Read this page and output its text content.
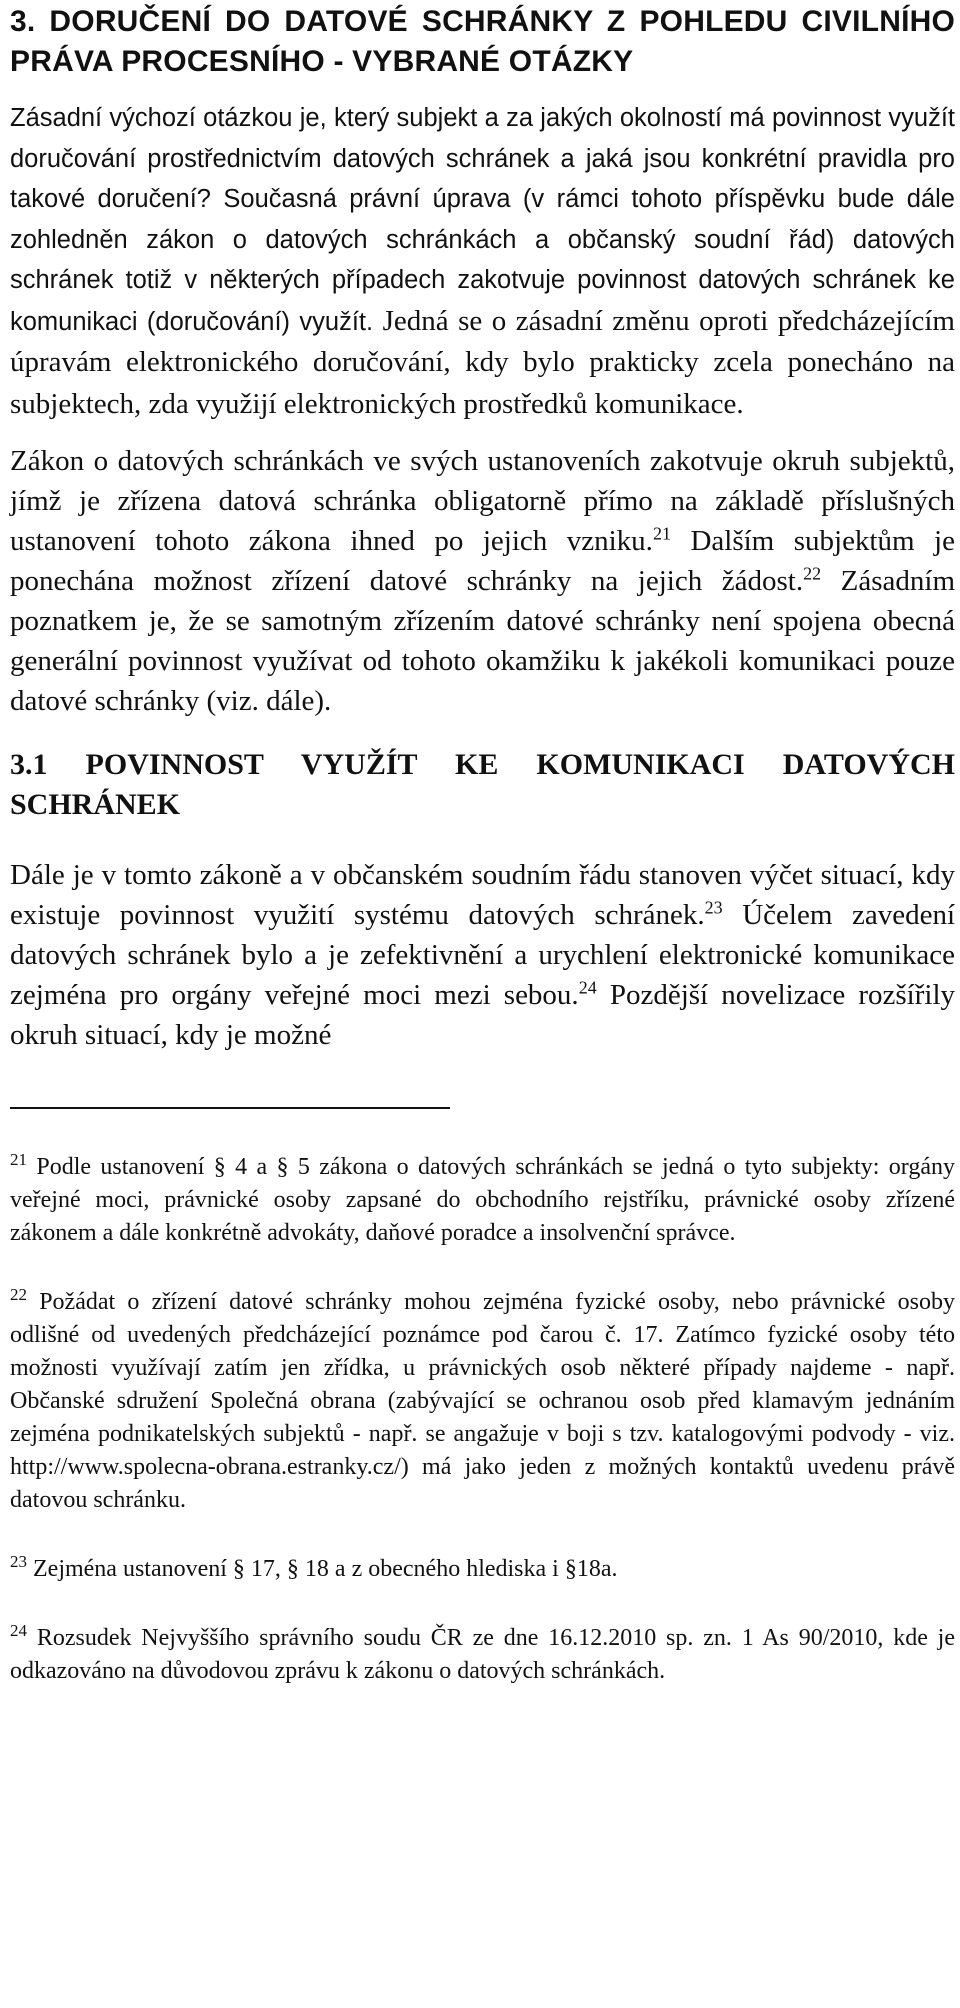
3. DORUČENÍ DO DATOVÉ SCHRÁNKY Z POHLEDU CIVILNÍHO PRÁVA PROCESNÍHO - VYBRANÉ OTÁZKY

Zásadní výchozí otázkou je, který subjekt a za jakých okolností má povinnost využít doručování prostřednictvím datových schránek a jaká jsou konkrétní pravidla pro takové doručení? Současná právní úprava (v rámci tohoto příspěvku bude dále zohledněn zákon o datových schránkách a občanský soudní řád) datových schránek totiž v některých případech zakotvuje povinnost datových schránek ke komunikaci (doručování) využít. Jedná se o zásadní změnu oproti předcházejícím úpravám elektronického doručování, kdy bylo prakticky zcela ponecháno na subjektech, zda využijí elektronických prostředků komunikace.

Zákon o datových schránkách ve svých ustanoveních zakotvuje okruh subjektů, jímž je zřízena datová schránka obligatorně přímo na základě příslušných ustanovení tohoto zákona ihned po jejich vzniku.$^{21}$ Dalším subjektům je ponechána možnost zřízení datové schránky na jejich žádost.$^{22}$ Zásadním poznatkem je, že se samotným zřízením datové schránky není spojena obecná generální povinnost využívat od tohoto okamžiku k jakékoli komunikaci pouze datové schránky (viz. dále).

3.1 POVINNOST VYUŽÍT KE KOMUNIKACI DATOVÝCH SCHRÁNEK

Dále je v tomto zákoně a v občanském soudním řádu stanoven výčet situací, kdy existuje povinnost využití systému datových schránek.$^{23}$ Účelem zavedení datových schránek bylo a je zefektivnění a urychlení elektronické komunikace zejména pro orgány veřejné moci mezi sebou.$^{24}$ Pozdější novelizace rozšířily okruh situací, kdy je možné

$^{21}$ Podle ustanovení § 4 a § 5 zákona o datových schránkách se jedná o tyto subjekty: orgány veřejné moci, právnické osoby zapsané do obchodního rejstříku, právnické osoby zřízené zákonem a dále konkrétně advokáty, daňové poradce a insolvenční správce.

$^{22}$ Požádat o zřízení datové schránky mohou zejména fyzické osoby, nebo právnické osoby odlišné od uvedených předcházející poznámce pod čarou č. 17. Zatímco fyzické osoby této možnosti využívají zatím jen zřídka, u právnických osob některé případy najdeme - např. Občanské sdružení Společná obrana (zabývající se ochranou osob před klamavým jednáním zejména podnikatelských subjektů - např. se angažuje v boji s tzv. katalogovými podvody - viz. http://www.spolecna-obrana.estranky.cz/) má jako jeden z možných kontaktů uvedenu právě datovou schránku.

$^{23}$ Zejména ustanovení § 17, § 18 a z obecného hlediska i §18a.

$^{24}$ Rozsudek Nejvyššího správního soudu ČR ze dne 16.12.2010 sp. zn. 1 As 90/2010, kde je odkazováno na důvodovou zprávu k zákonu o datových schránkách.
